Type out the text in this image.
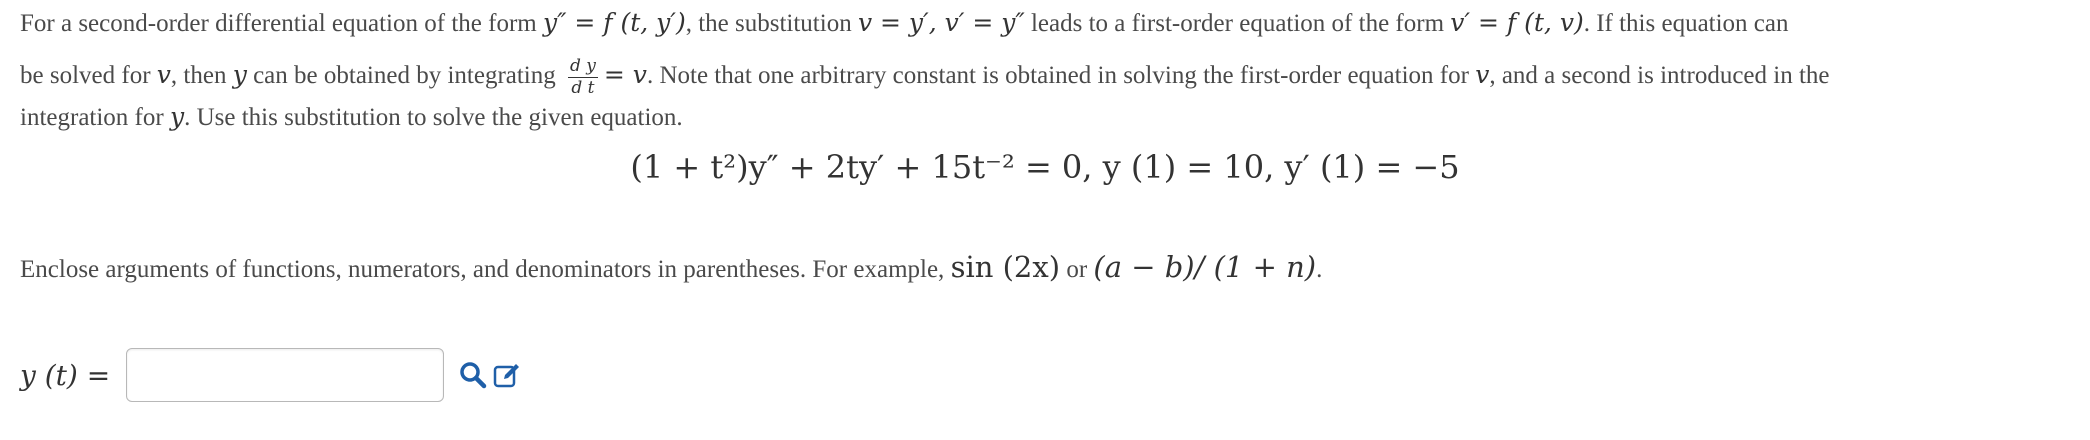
For a second-order differential equation of the form y″ = f (t, y′), the substitution v = y′, v′ = y″ leads to a first-order equation of the form v′ = f (t, v). If this equation can
be solved for v, then y can be obtained by integrating $\frac{\text{d y}}{\text{d t}} = v$. Note that one arbitrary constant is obtained in solving the first-order equation for v, and a second is introduced in the
integration for y. Use this substitution to solve the given equation.
(1 + t²)y″ + 2ty′ + 15t⁻² = 0, y (1) = 10, y′ (1) = −5
Enclose arguments of functions, numerators, and denominators in parentheses. For example, sin (2x) or (a − b)/ (1 + n).
y (t) =
